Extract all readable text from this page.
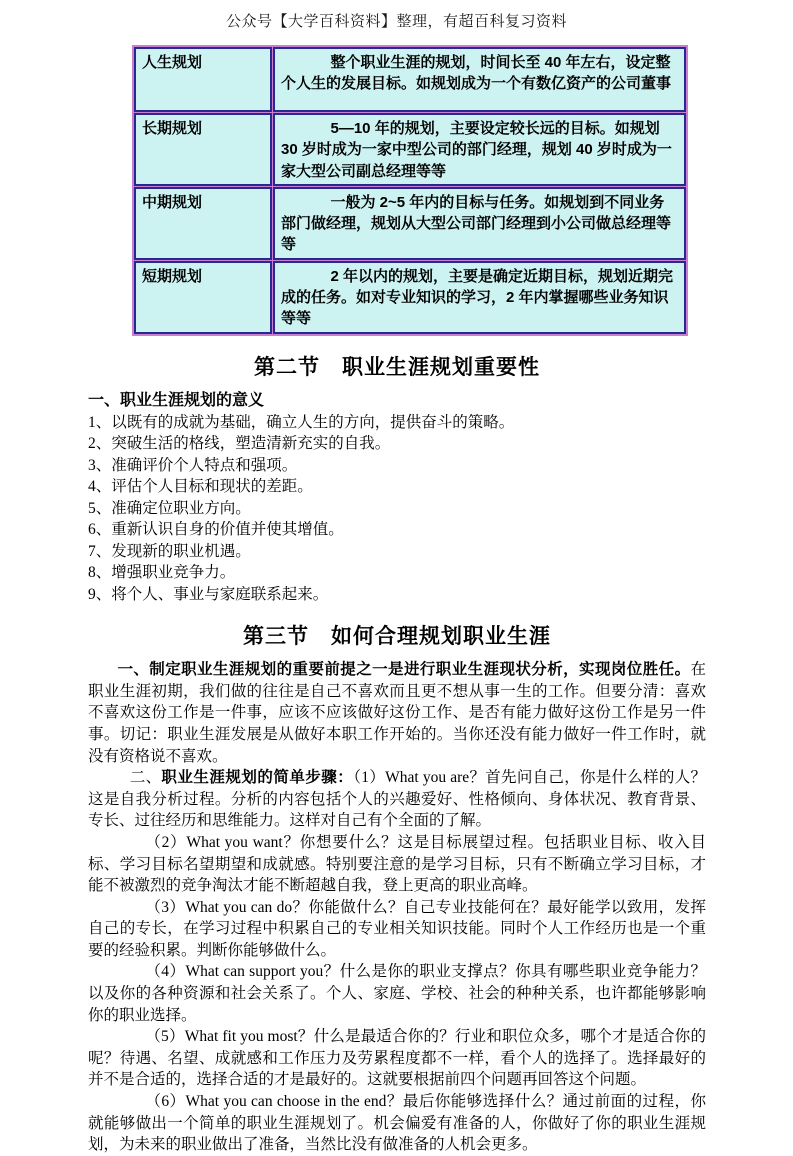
公众号【大学百科资料】整理，有超百科复习资料
人生规划	整个职业生涯的规划，时间长至 40 年左右，设定整个人生的发展目标。如规划成为一个有数亿资产的公司董事
长期规划	5—10 年的规划，主要设定较长远的目标。如规划 30 岁时成为一家中型公司的部门经理，规划 40 岁时成为一家大型公司副总经理等等
中期规划	一般为 2~5 年内的目标与任务。如规划到不同业务部门做经理，规划从大型公司部门经理到小公司做总经理等等
短期规划	2 年以内的规划，主要是确定近期目标，规划近期完成的任务。如对专业知识的学习，2 年内掌握哪些业务知识等等
第二节　职业生涯规划重要性
一、职业生涯规划的意义
1、以既有的成就为基础，确立人生的方向，提供奋斗的策略。
2、突破生活的格线，塑造清新充实的自我。
3、准确评价个人特点和强项。
4、评估个人目标和现状的差距。
5、准确定位职业方向。
6、重新认识自身的价值并使其增值。
7、发现新的职业机遇。
8、增强职业竞争力。
9、将个人、事业与家庭联系起来。
第三节　如何合理规划职业生涯

一、制定职业生涯规划的重要前提之一是进行职业生涯现状分析，实现岗位胜任。在职业生涯初期，我们做的往往是自己不喜欢而且更不想从事一生的工作。但要分清：喜欢不喜欢这份工作是一件事，应该不应该做好这份工作、是否有能力做好这份工作是另一件事。切记：职业生涯发展是从做好本职工作开始的。当你还没有能力做好一件工作时，就没有资格说不喜欢。

二、职业生涯规划的简单步骤：（1）What you are？首先问自己，你是什么样的人？这是自我分析过程。分析的内容包括个人的兴趣爱好、性格倾向、身体状况、教育背景、专长、过往经历和思维能力。这样对自己有个全面的了解。

（2）What you want？你想要什么？这是目标展望过程。包括职业目标、收入目标、学习目标名望期望和成就感。特别要注意的是学习目标，只有不断确立学习目标，才能不被激烈的竞争淘汰才能不断超越自我，登上更高的职业高峰。

（3）What you can do？你能做什么？自己专业技能何在？最好能学以致用，发挥自己的专长，在学习过程中积累自己的专业相关知识技能。同时个人工作经历也是一个重要的经验积累。判断你能够做什么。

（4）What can support you？什么是你的职业支撑点？你具有哪些职业竞争能力？以及你的各种资源和社会关系了。个人、家庭、学校、社会的种种关系，也许都能够影响你的职业选择。

（5）What fit you most？什么是最适合你的？行业和职位众多，哪个才是适合你的呢？待遇、名望、成就感和工作压力及劳累程度都不一样，看个人的选择了。选择最好的并不是合适的，选择合适的才是最好的。这就要根据前四个问题再回答这个问题。

（6）What you can choose in the end？最后你能够选择什么？通过前面的过程，你就能够做出一个简单的职业生涯规划了。机会偏爱有准备的人，你做好了你的职业生涯规划，为未来的职业做出了准备，当然比没有做准备的人机会更多。
